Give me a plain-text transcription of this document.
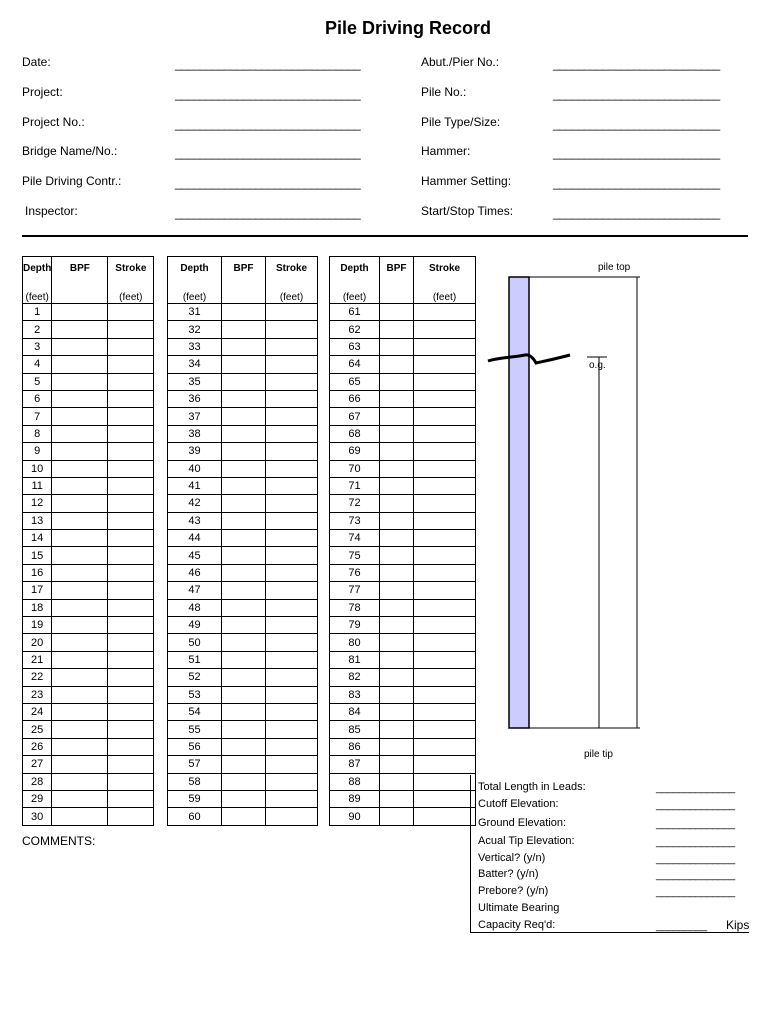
Pile Driving Record
Date:	______________________________
Project:	______________________________
Project No.:	______________________________
Bridge Name/No.:	______________________________
Pile Driving Contr.:	______________________________
Inspector:	______________________________
Abut./Pier No.:	___________________________
Pile No.:	___________________________
Pile Type/Size:	___________________________
Hammer:	___________________________
Hammer Setting:	___________________________
Start/Stop Times:	___________________________
Depth	BPF	Stroke
(feet)		(feet)
1		
2		
3		
4		
5		
6		
7		
8		
9		
10		
11		
12		
13		
14		
15		
16		
17		
18		
19		
20		
21		
22		
23		
24		
25		
26		
27		
28		
29		
30		
Depth	BPF	Stroke
(feet)		(feet)
31		
32		
33		
34		
35		
36		
37		
38		
39		
40		
41		
42		
43		
44		
45		
46		
47		
48		
49		
50		
51		
52		
53		
54		
55		
56		
57		
58		
59		
60		
Depth	BPF	Stroke
(feet)		(feet)
61		
62		
63		
64		
65		
66		
67		
68		
69		
70		
71		
72		
73		
74		
75		
76		
77		
78		
79		
80		
81		
82		
83		
84		
85		
86		
87		
88		
89		
90		
COMMENTS:
pile top
o.g.
pile tip
Total Length in Leads:	______________
Cutoff Elevation:	______________
Ground Elevation:	______________
Acual Tip Elevation:	______________
Vertical? (y/n)	______________
Batter? (y/n)	______________
Prebore? (y/n)	______________
Ultimate Bearing
Capacity Req'd:	_________ Kips
